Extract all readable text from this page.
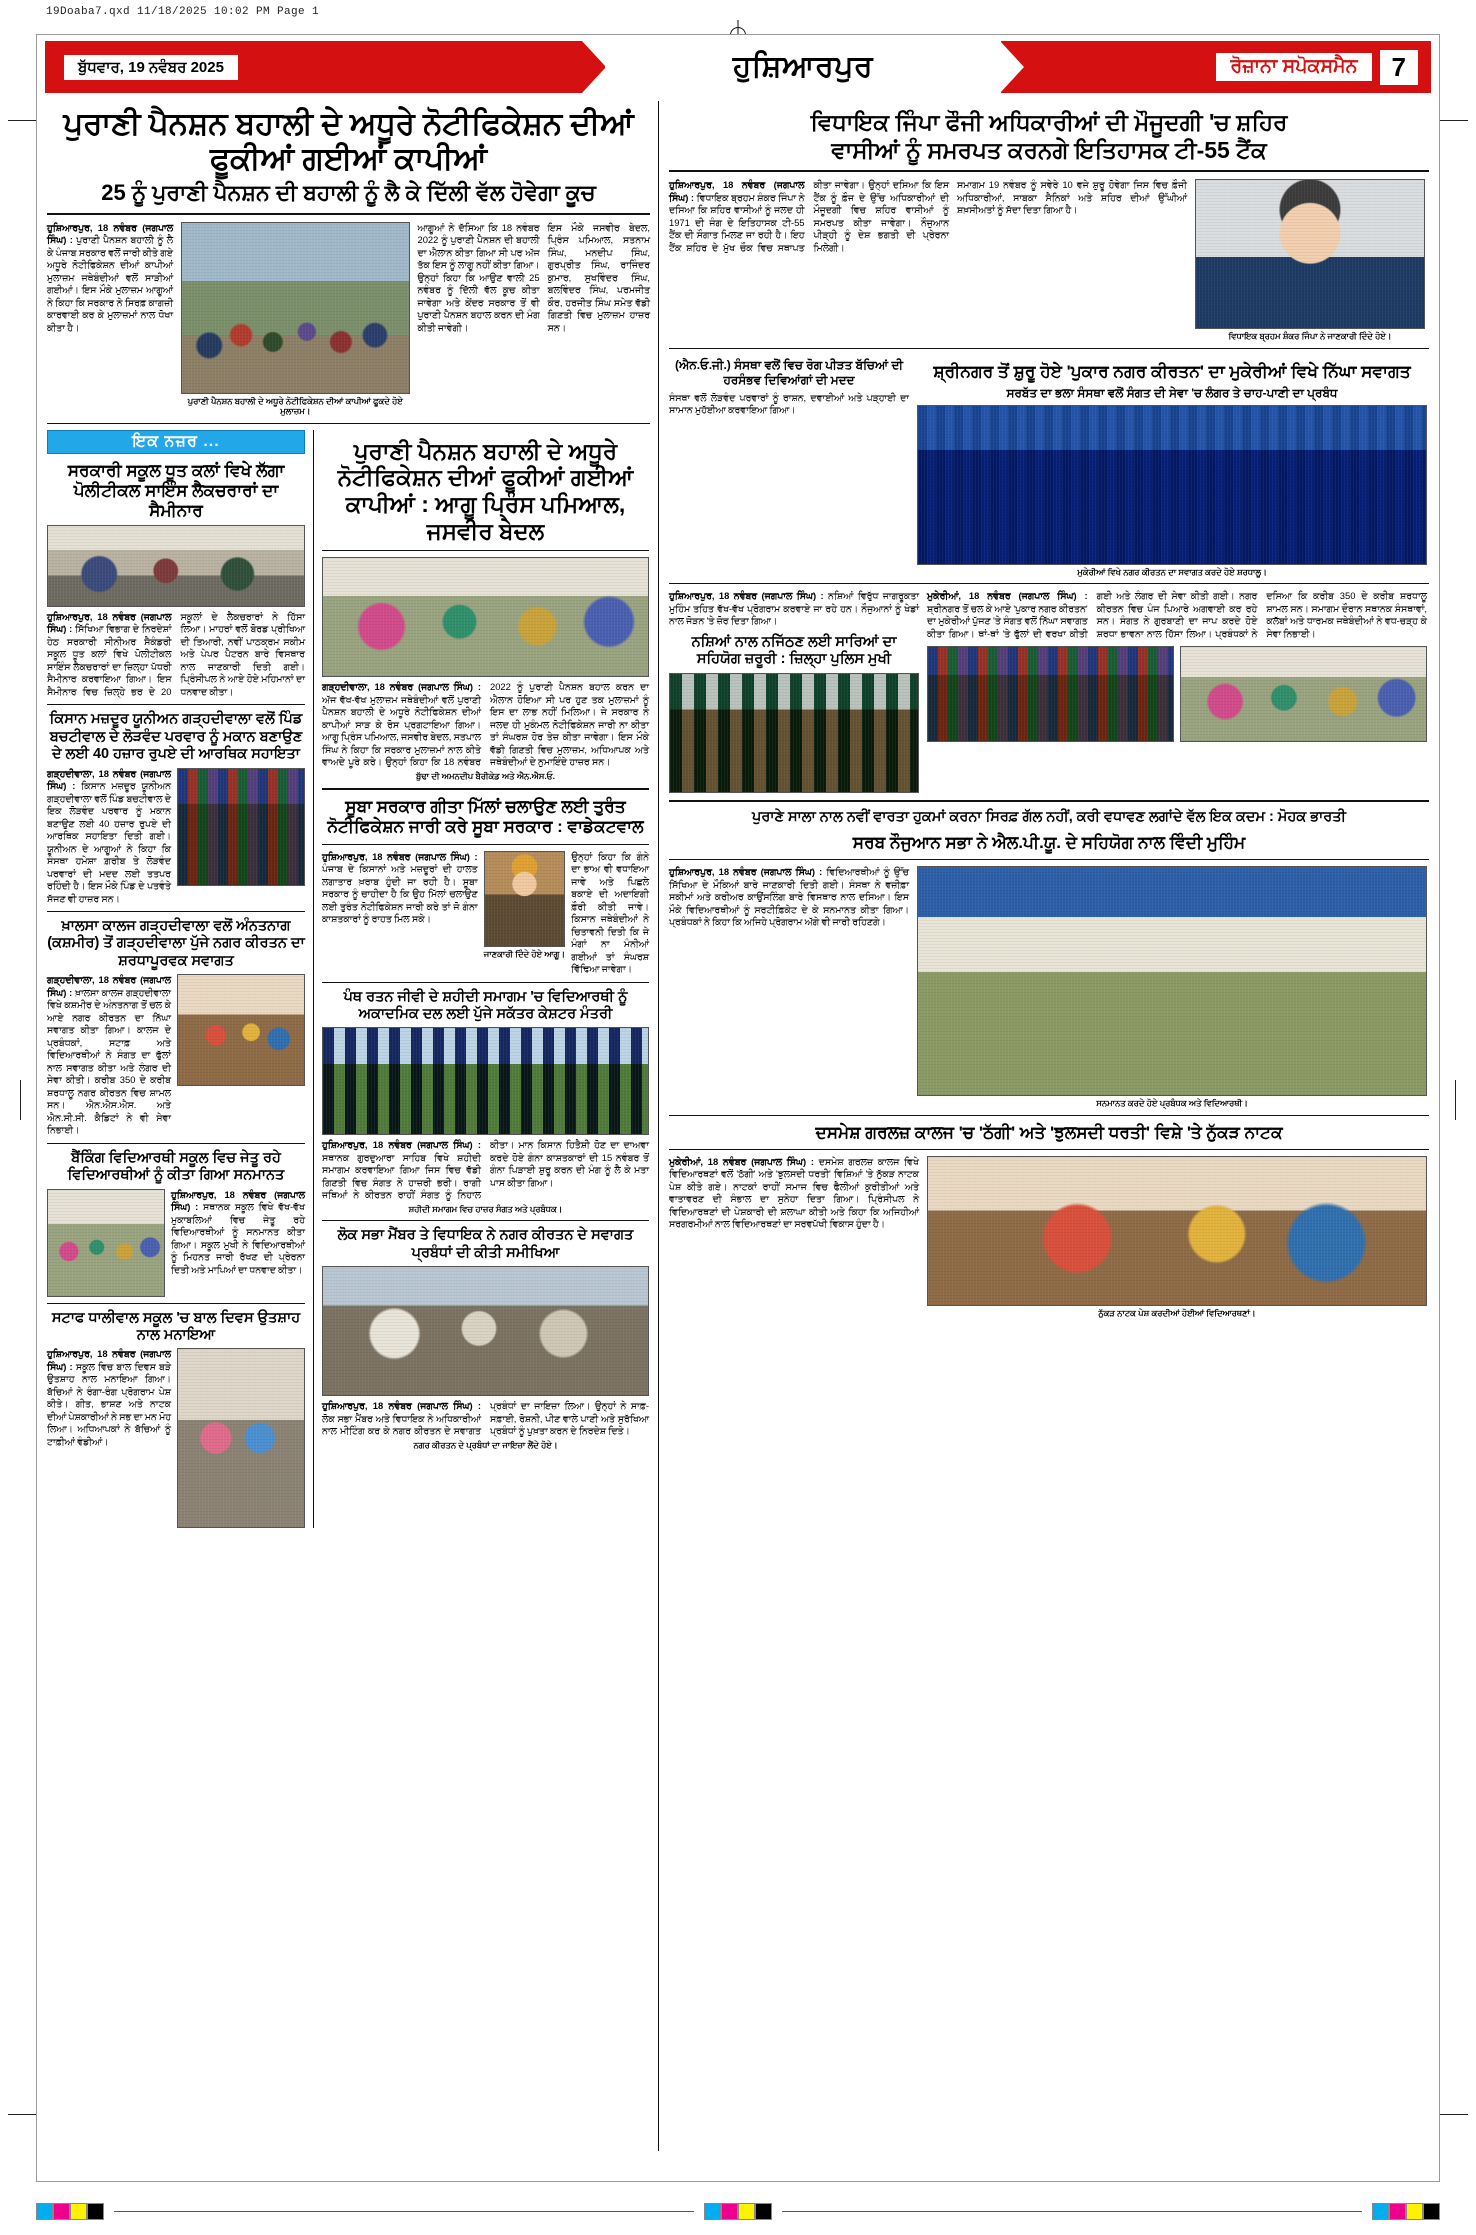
19Doaba7.qxd 11/18/2025 10:02 PM Page 1
ਬੁੱਧਵਾਰ, 19 ਨਵੰਬਰ 2025	ਹੁਸ਼ਿਆਰਪੁਰ	ਰੋਜ਼ਾਨਾ ਸਪੋਕਸਮੈਨ	7
ਪੁਰਾਣੀ ਪੈਨਸ਼ਨ ਬਹਾਲੀ ਦੇ ਅਧੂਰੇ ਨੋਟੀਫਿਕੇਸ਼ਨ ਦੀਆਂ ਫੂਕੀਆਂ ਗਈਆਂ ਕਾਪੀਆਂ
25 ਨੂੰ ਪੁਰਾਣੀ ਪੈਨਸ਼ਨ ਦੀ ਬਹਾਲੀ ਨੂੰ ਲੈ ਕੇ ਦਿੱਲੀ ਵੱਲ ਹੋਵੇਗਾ ਕੂਚ
ਹੁਸ਼ਿਆਰਪੁਰ, 18 ਨਵੰਬਰ (ਜਗਪਾਲ ਸਿੰਘ) : ਪੁਰਾਣੀ ਪੈਨਸ਼ਨ ਬਹਾਲੀ ਨੂੰ ਲੈ ਕੇ ਪੰਜਾਬ ਸਰਕਾਰ ਵਲੋਂ ਜਾਰੀ ਕੀਤੇ ਗਏ ਅਧੂਰੇ ਨੋਟੀਫਿਕੇਸ਼ਨ ਦੀਆਂ ਕਾਪੀਆਂ ਮੁਲਾਜ਼ਮ ਜਥੇਬੰਦੀਆਂ ਵਲੋਂ ਸਾੜੀਆਂ ਗਈਆਂ। ਇਸ ਮੌਕੇ ਮੁਲਾਜ਼ਮ ਆਗੂਆਂ ਨੇ ਕਿਹਾ ਕਿ ਸਰਕਾਰ ਨੇ ਸਿਰਫ਼ ਕਾਗਜ਼ੀ ਕਾਰਵਾਈ ਕਰ ਕੇ ਮੁਲਾਜ਼ਮਾਂ ਨਾਲ ਧੋਖਾ ਕੀਤਾ ਹੈ।
ਪੁਰਾਣੀ ਪੈਨਸ਼ਨ ਬਹਾਲੀ ਦੇ ਅਧੂਰੇ ਨੋਟੀਫਿਕੇਸ਼ਨ ਦੀਆਂ ਕਾਪੀਆਂ ਫੂਕਦੇ ਹੋਏ ਮੁਲਾਜ਼ਮ।
ਆਗੂਆਂ ਨੇ ਦੱਸਿਆ ਕਿ 18 ਨਵੰਬਰ 2022 ਨੂੰ ਪੁਰਾਣੀ ਪੈਨਸ਼ਨ ਦੀ ਬਹਾਲੀ ਦਾ ਐਲਾਨ ਕੀਤਾ ਗਿਆ ਸੀ ਪਰ ਅੱਜ ਤੱਕ ਇਸ ਨੂੰ ਲਾਗੂ ਨਹੀਂ ਕੀਤਾ ਗਿਆ। ਉਨ੍ਹਾਂ ਕਿਹਾ ਕਿ ਆਉਣ ਵਾਲੀ 25 ਨਵੰਬਰ ਨੂੰ ਦਿੱਲੀ ਵੱਲ ਕੂਚ ਕੀਤਾ ਜਾਵੇਗਾ ਅਤੇ ਕੇਂਦਰ ਸਰਕਾਰ ਤੋਂ ਵੀ ਪੁਰਾਣੀ ਪੈਨਸ਼ਨ ਬਹਾਲ ਕਰਨ ਦੀ ਮੰਗ ਕੀਤੀ ਜਾਵੇਗੀ।
ਇਸ ਮੌਕੇ ਜਸਵੀਰ ਬੇਦਲ, ਪ੍ਰਿੰਸ ਪਮਿਆਲ, ਸਤਨਾਮ ਸਿੰਘ, ਮਨਦੀਪ ਸਿੰਘ, ਗੁਰਪ੍ਰੀਤ ਸਿੰਘ, ਰਾਜਿੰਦਰ ਕੁਮਾਰ, ਸੁਖਵਿੰਦਰ ਸਿੰਘ, ਬਲਵਿੰਦਰ ਸਿੰਘ, ਪਰਮਜੀਤ ਕੌਰ, ਹਰਜੀਤ ਸਿੰਘ ਸਮੇਤ ਵੱਡੀ ਗਿਣਤੀ ਵਿਚ ਮੁਲਾਜ਼ਮ ਹਾਜ਼ਰ ਸਨ।
ਇਕ ਨਜ਼ਰ ...
ਸਰਕਾਰੀ ਸਕੂਲ ਧੂਤ ਕਲਾਂ ਵਿਖੇ ਲੱਗਾ ਪੋਲੀਟੀਕਲ ਸਾਇੰਸ ਲੈਕਚਰਾਰਾਂ ਦਾ ਸੈਮੀਨਾਰ
ਹੁਸ਼ਿਆਰਪੁਰ, 18 ਨਵੰਬਰ (ਜਗਪਾਲ ਸਿੰਘ) : ਸਿੱਖਿਆ ਵਿਭਾਗ ਦੇ ਨਿਰਦੇਸ਼ਾਂ ਹੇਠ ਸਰਕਾਰੀ ਸੀਨੀਅਰ ਸੈਕੰਡਰੀ ਸਕੂਲ ਧੂਤ ਕਲਾਂ ਵਿਖੇ ਪੋਲੀਟੀਕਲ ਸਾਇੰਸ ਲੈਕਚਰਾਰਾਂ ਦਾ ਜ਼ਿਲ੍ਹਾ ਪੱਧਰੀ ਸੈਮੀਨਾਰ ਕਰਵਾਇਆ ਗਿਆ। ਇਸ ਸੈਮੀਨਾਰ ਵਿਚ ਜ਼ਿਲ੍ਹੇ ਭਰ ਦੇ 20 ਸਕੂਲਾਂ ਦੇ ਲੈਕਚਰਾਰਾਂ ਨੇ ਹਿੱਸਾ ਲਿਆ। ਮਾਹਰਾਂ ਵਲੋਂ ਬੋਰਡ ਪ੍ਰੀਖਿਆ ਦੀ ਤਿਆਰੀ, ਨਵੀਂ ਪਾਠਕ੍ਰਮ ਸਕੀਮ ਅਤੇ ਪੇਪਰ ਪੈਟਰਨ ਬਾਰੇ ਵਿਸਥਾਰ ਨਾਲ ਜਾਣਕਾਰੀ ਦਿਤੀ ਗਈ। ਪ੍ਰਿੰਸੀਪਲ ਨੇ ਆਏ ਹੋਏ ਮਹਿਮਾਨਾਂ ਦਾ ਧਨਵਾਦ ਕੀਤਾ।
ਕਿਸਾਨ ਮਜ਼ਦੂਰ ਯੂਨੀਅਨ ਗੜ੍ਹਦੀਵਾਲਾ ਵਲੋਂ ਪਿੰਡ ਬਚਟੀਵਾਲ ਦੇ ਲੋੜਵੰਦ ਪਰਵਾਰ ਨੂੰ ਮਕਾਨ ਬਣਾਉਣ ਦੇ ਲਈ 40 ਹਜ਼ਾਰ ਰੁਪਏ ਦੀ ਆਰਥਿਕ ਸਹਾਇਤਾ
ਗੜ੍ਹਦੀਵਾਲਾ, 18 ਨਵੰਬਰ (ਜਗਪਾਲ ਸਿੰਘ) : ਕਿਸਾਨ ਮਜ਼ਦੂਰ ਯੂਨੀਅਨ ਗੜ੍ਹਦੀਵਾਲਾ ਵਲੋਂ ਪਿੰਡ ਬਚਟੀਵਾਲ ਦੇ ਇਕ ਲੋੜਵੰਦ ਪਰਵਾਰ ਨੂੰ ਮਕਾਨ ਬਣਾਉਣ ਲਈ 40 ਹਜ਼ਾਰ ਰੁਪਏ ਦੀ ਆਰਥਿਕ ਸਹਾਇਤਾ ਦਿਤੀ ਗਈ। ਯੂਨੀਅਨ ਦੇ ਆਗੂਆਂ ਨੇ ਕਿਹਾ ਕਿ ਸੰਸਥਾ ਹਮੇਸ਼ਾ ਗ਼ਰੀਬ ਤੇ ਲੋੜਵੰਦ ਪਰਵਾਰਾਂ ਦੀ ਮਦਦ ਲਈ ਤਤਪਰ ਰਹਿੰਦੀ ਹੈ। ਇਸ ਮੌਕੇ ਪਿੰਡ ਦੇ ਪਤਵੰਤੇ ਸੱਜਣ ਵੀ ਹਾਜ਼ਰ ਸਨ।
ਖ਼ਾਲਸਾ ਕਾਲਜ ਗੜ੍ਹਦੀਵਾਲਾ ਵਲੋਂ ਅੰਨਤਨਾਗ (ਕਸ਼ਮੀਰ) ਤੋਂ ਗੜ੍ਹਦੀਵਾਲਾ ਪੁੱਜੇ ਨਗਰ ਕੀਰਤਨ ਦਾ ਸ਼ਰਧਾਪੂਰਵਕ ਸਵਾਗਤ
ਗੜ੍ਹਦੀਵਾਲਾ, 18 ਨਵੰਬਰ (ਜਗਪਾਲ ਸਿੰਘ) : ਖ਼ਾਲਸਾ ਕਾਲਜ ਗੜ੍ਹਦੀਵਾਲਾ ਵਿਖੇ ਕਸ਼ਮੀਰ ਦੇ ਅੰਨਤਨਾਗ ਤੋਂ ਚਲ ਕੇ ਆਏ ਨਗਰ ਕੀਰਤਨ ਦਾ ਨਿੱਘਾ ਸਵਾਗਤ ਕੀਤਾ ਗਿਆ। ਕਾਲਜ ਦੇ ਪ੍ਰਬੰਧਕਾਂ, ਸਟਾਫ਼ ਅਤੇ ਵਿਦਿਆਰਥੀਆਂ ਨੇ ਸੰਗਤ ਦਾ ਫੁੱਲਾਂ ਨਾਲ ਸਵਾਗਤ ਕੀਤਾ ਅਤੇ ਲੰਗਰ ਦੀ ਸੇਵਾ ਕੀਤੀ। ਕਰੀਬ 350 ਦੇ ਕਰੀਬ ਸ਼ਰਧਾਲੂ ਨਗਰ ਕੀਰਤਨ ਵਿਚ ਸ਼ਾਮਲ ਸਨ। ਐਨ.ਐਸ.ਐਸ. ਅਤੇ ਐਨ.ਸੀ.ਸੀ. ਕੈਡਿਟਾਂ ਨੇ ਵੀ ਸੇਵਾ ਨਿਭਾਈ।
ਬੈਂਕਿੰਗ ਵਿਦਿਆਰਥੀ ਸਕੂਲ ਵਿਚ ਜੇਤੂ ਰਹੇ ਵਿਦਿਆਰਥੀਆਂ ਨੂੰ ਕੀਤਾ ਗਿਆ ਸਨਮਾਨਤ
ਹੁਸ਼ਿਆਰਪੁਰ, 18 ਨਵੰਬਰ (ਜਗਪਾਲ ਸਿੰਘ) : ਸਥਾਨਕ ਸਕੂਲ ਵਿਖੇ ਵੱਖ-ਵੱਖ ਮੁਕਾਬਲਿਆਂ ਵਿਚ ਜੇਤੂ ਰਹੇ ਵਿਦਿਆਰਥੀਆਂ ਨੂੰ ਸਨਮਾਨਤ ਕੀਤਾ ਗਿਆ। ਸਕੂਲ ਮੁਖੀ ਨੇ ਵਿਦਿਆਰਥੀਆਂ ਨੂੰ ਮਿਹਨਤ ਜਾਰੀ ਰੱਖਣ ਦੀ ਪ੍ਰੇਰਨਾ ਦਿਤੀ ਅਤੇ ਮਾਪਿਆਂ ਦਾ ਧਨਵਾਦ ਕੀਤਾ।
ਸਟਾਫ ਧਾਲੀਵਾਲ ਸਕੂਲ 'ਚ ਬਾਲ ਦਿਵਸ ਉਤਸ਼ਾਹ ਨਾਲ ਮਨਾਇਆ
ਹੁਸ਼ਿਆਰਪੁਰ, 18 ਨਵੰਬਰ (ਜਗਪਾਲ ਸਿੰਘ) : ਸਕੂਲ ਵਿਚ ਬਾਲ ਦਿਵਸ ਬੜੇ ਉਤਸ਼ਾਹ ਨਾਲ ਮਨਾਇਆ ਗਿਆ। ਬੱਚਿਆਂ ਨੇ ਰੰਗਾ-ਰੰਗ ਪ੍ਰੋਗਰਾਮ ਪੇਸ਼ ਕੀਤੇ। ਗੀਤ, ਭਾਸ਼ਣ ਅਤੇ ਨਾਟਕ ਦੀਆਂ ਪੇਸ਼ਕਾਰੀਆਂ ਨੇ ਸਭ ਦਾ ਮਨ ਮੋਹ ਲਿਆ। ਅਧਿਆਪਕਾਂ ਨੇ ਬੱਚਿਆਂ ਨੂੰ ਟਾਫ਼ੀਆਂ ਵੰਡੀਆਂ।
ਪੁਰਾਣੀ ਪੈਨਸ਼ਨ ਬਹਾਲੀ ਦੇ ਅਧੂਰੇ ਨੋਟੀਫਿਕੇਸ਼ਨ ਦੀਆਂ ਫੂਕੀਆਂ ਗਈਆਂ ਕਾਪੀਆਂ : ਆਗੂ ਪ੍ਰਿੰਸ ਪਮਿਆਲ, ਜਸਵੀਰ ਬੇਦਲ
ਗੜ੍ਹਦੀਵਾਲਾ, 18 ਨਵੰਬਰ (ਜਗਪਾਲ ਸਿੰਘ) : ਅੱਜ ਵੱਖ-ਵੱਖ ਮੁਲਾਜ਼ਮ ਜਥੇਬੰਦੀਆਂ ਵਲੋਂ ਪੁਰਾਣੀ ਪੈਨਸ਼ਨ ਬਹਾਲੀ ਦੇ ਅਧੂਰੇ ਨੋਟੀਫਿਕੇਸ਼ਨ ਦੀਆਂ ਕਾਪੀਆਂ ਸਾੜ ਕੇ ਰੋਸ ਪ੍ਰਗਟਾਇਆ ਗਿਆ। ਆਗੂ ਪ੍ਰਿੰਸ ਪਮਿਆਲ, ਜਸਵੀਰ ਬੇਦਲ, ਸਤਪਾਲ ਸਿੰਘ ਨੇ ਕਿਹਾ ਕਿ ਸਰਕਾਰ ਮੁਲਾਜ਼ਮਾਂ ਨਾਲ ਕੀਤੇ ਵਾਅਦੇ ਪੂਰੇ ਕਰੇ। ਉਨ੍ਹਾਂ ਕਿਹਾ ਕਿ 18 ਨਵੰਬਰ 2022 ਨੂੰ ਪੁਰਾਣੀ ਪੈਨਸ਼ਨ ਬਹਾਲ ਕਰਨ ਦਾ ਐਲਾਨ ਹੋਇਆ ਸੀ ਪਰ ਹੁਣ ਤਕ ਮੁਲਾਜ਼ਮਾਂ ਨੂੰ ਇਸ ਦਾ ਲਾਭ ਨਹੀਂ ਮਿਲਿਆ। ਜੇ ਸਰਕਾਰ ਨੇ ਜਲਦ ਹੀ ਮੁਕੰਮਲ ਨੋਟੀਫਿਕੇਸ਼ਨ ਜਾਰੀ ਨਾ ਕੀਤਾ ਤਾਂ ਸੰਘਰਸ਼ ਹੋਰ ਤੇਜ਼ ਕੀਤਾ ਜਾਵੇਗਾ। ਇਸ ਮੌਕੇ ਵੱਡੀ ਗਿਣਤੀ ਵਿਚ ਮੁਲਾਜ਼ਮ, ਅਧਿਆਪਕ ਅਤੇ ਜਥੇਬੰਦੀਆਂ ਦੇ ਨੁਮਾਇੰਦੇ ਹਾਜ਼ਰ ਸਨ।
ਬੁੱਢਾ ਦੀ ਅਮਨਦੀਪ ਬੈਰੀਕੇਡ ਅਤੇ ਐਨ.ਐਸ.ਓ.
ਸੂਬਾ ਸਰਕਾਰ ਗੀਤਾ ਮਿੱਲਾਂ ਚਲਾਉਣ ਲਈ ਤੁਰੰਤ ਨੋਟੀਫਿਕੇਸ਼ਨ ਜਾਰੀ ਕਰੇ ਸੂਬਾ ਸਰਕਾਰ : ਵਾਡੇਕਟਵਾਲ
ਹੁਸ਼ਿਆਰਪੁਰ, 18 ਨਵੰਬਰ (ਜਗਪਾਲ ਸਿੰਘ) : ਪੰਜਾਬ ਦੇ ਕਿਸਾਨਾਂ ਅਤੇ ਮਜ਼ਦੂਰਾਂ ਦੀ ਹਾਲਤ ਲਗਾਤਾਰ ਖ਼ਰਾਬ ਹੁੰਦੀ ਜਾ ਰਹੀ ਹੈ। ਸੂਬਾ ਸਰਕਾਰ ਨੂੰ ਚਾਹੀਦਾ ਹੈ ਕਿ ਉਹ ਮਿੱਲਾਂ ਚਲਾਉਣ ਲਈ ਤੁਰੰਤ ਨੋਟੀਫਿਕੇਸ਼ਨ ਜਾਰੀ ਕਰੇ ਤਾਂ ਜੋ ਗੰਨਾ ਕਾਸ਼ਤਕਾਰਾਂ ਨੂੰ ਰਾਹਤ ਮਿਲ ਸਕੇ।
ਜਾਣਕਾਰੀ ਦਿੰਦੇ ਹੋਏ ਆਗੂ।
ਉਨ੍ਹਾਂ ਕਿਹਾ ਕਿ ਗੰਨੇ ਦਾ ਭਾਅ ਵੀ ਵਧਾਇਆ ਜਾਵੇ ਅਤੇ ਪਿਛਲੇ ਬਕਾਏ ਦੀ ਅਦਾਇਗੀ ਫ਼ੌਰੀ ਕੀਤੀ ਜਾਵੇ। ਕਿਸਾਨ ਜਥੇਬੰਦੀਆਂ ਨੇ ਚਿਤਾਵਨੀ ਦਿਤੀ ਕਿ ਜੇ ਮੰਗਾਂ ਨਾ ਮੰਨੀਆਂ ਗਈਆਂ ਤਾਂ ਸੰਘਰਸ਼ ਵਿੱਢਿਆ ਜਾਵੇਗਾ।
ਪੰਥ ਰਤਨ ਜੀਵੀ ਦੇ ਸ਼ਹੀਦੀ ਸਮਾਗਮ 'ਚ ਵਿਦਿਆਰਥੀ ਨੂੰ ਅਕਾਦਮਿਕ ਦਲ ਲਈ ਪੁੱਜੇ ਸਕੱਤਰ ਕੇਸ਼ਟਰ ਮੰਤਰੀ
ਹੁਸ਼ਿਆਰਪੁਰ, 18 ਨਵੰਬਰ (ਜਗਪਾਲ ਸਿੰਘ) : ਸਥਾਨਕ ਗੁਰਦੁਆਰਾ ਸਾਹਿਬ ਵਿਖੇ ਸ਼ਹੀਦੀ ਸਮਾਗਮ ਕਰਵਾਇਆ ਗਿਆ ਜਿਸ ਵਿਚ ਵੱਡੀ ਗਿਣਤੀ ਵਿਚ ਸੰਗਤ ਨੇ ਹਾਜ਼ਰੀ ਭਰੀ। ਰਾਗੀ ਜਥਿਆਂ ਨੇ ਕੀਰਤਨ ਰਾਹੀਂ ਸੰਗਤ ਨੂੰ ਨਿਹਾਲ ਕੀਤਾ। ਮਾਨ ਕਿਸਾਨ ਹਿਤੈਸ਼ੀ ਹੋਣ ਦਾ ਦਾਅਵਾ ਕਰਦੇ ਹੋਏ ਗੰਨਾ ਕਾਸ਼ਤਕਾਰਾਂ ਦੀ 15 ਨਵੰਬਰ ਤੋਂ ਗੰਨਾ ਪਿੜਾਈ ਸ਼ੁਰੂ ਕਰਨ ਦੀ ਮੰਗ ਨੂੰ ਲੈ ਕੇ ਮਤਾ ਪਾਸ ਕੀਤਾ ਗਿਆ।
ਸ਼ਹੀਦੀ ਸਮਾਗਮ ਵਿਚ ਹਾਜ਼ਰ ਸੰਗਤ ਅਤੇ ਪ੍ਰਬੰਧਕ।
ਲੋਕ ਸਭਾ ਮੈਂਬਰ ਤੇ ਵਿਧਾਇਕ ਨੇ ਨਗਰ ਕੀਰਤਨ ਦੇ ਸਵਾਗਤ ਪ੍ਰਬੰਧਾਂ ਦੀ ਕੀਤੀ ਸਮੀਖਿਆ
ਹੁਸ਼ਿਆਰਪੁਰ, 18 ਨਵੰਬਰ (ਜਗਪਾਲ ਸਿੰਘ) : ਲੋਕ ਸਭਾ ਮੈਂਬਰ ਅਤੇ ਵਿਧਾਇਕ ਨੇ ਅਧਿਕਾਰੀਆਂ ਨਾਲ ਮੀਟਿੰਗ ਕਰ ਕੇ ਨਗਰ ਕੀਰਤਨ ਦੇ ਸਵਾਗਤ ਪ੍ਰਬੰਧਾਂ ਦਾ ਜਾਇਜ਼ਾ ਲਿਆ। ਉਨ੍ਹਾਂ ਨੇ ਸਾਫ਼-ਸਫ਼ਾਈ, ਰੋਸ਼ਨੀ, ਪੀਣ ਵਾਲੇ ਪਾਣੀ ਅਤੇ ਸੁਰੱਖਿਆ ਪ੍ਰਬੰਧਾਂ ਨੂੰ ਪੁਖ਼ਤਾ ਕਰਨ ਦੇ ਨਿਰਦੇਸ਼ ਦਿਤੇ।
ਨਗਰ ਕੀਰਤਨ ਦੇ ਪ੍ਰਬੰਧਾਂ ਦਾ ਜਾਇਜ਼ਾ ਲੈਂਦੇ ਹੋਏ।
ਵਿਧਾਇਕ ਜਿੰਪਾ ਫੌਜੀ ਅਧਿਕਾਰੀਆਂ ਦੀ ਮੌਜੂਦਗੀ 'ਚ ਸ਼ਹਿਰ
ਵਾਸੀਆਂ ਨੂੰ ਸਮਰਪਤ ਕਰਨਗੇ ਇਤਿਹਾਸਕ ਟੀ-55 ਟੈਂਕ
ਹੁਸ਼ਿਆਰਪੁਰ, 18 ਨਵੰਬਰ (ਜਗਪਾਲ ਸਿੰਘ) : ਵਿਧਾਇਕ ਬ੍ਰਹਮ ਸ਼ੰਕਰ ਜਿੰਪਾ ਨੇ ਦਸਿਆ ਕਿ ਸ਼ਹਿਰ ਵਾਸੀਆਂ ਨੂੰ ਜਲਦ ਹੀ 1971 ਦੀ ਜੰਗ ਦੇ ਇਤਿਹਾਸਕ ਟੀ-55 ਟੈਂਕ ਦੀ ਸੌਗਾਤ ਮਿਲਣ ਜਾ ਰਹੀ ਹੈ। ਇਹ ਟੈਂਕ ਸ਼ਹਿਰ ਦੇ ਮੁੱਖ ਚੌਕ ਵਿਚ ਸਥਾਪਤ ਕੀਤਾ ਜਾਵੇਗਾ। ਉਨ੍ਹਾਂ ਦਸਿਆ ਕਿ ਇਸ ਟੈਂਕ ਨੂੰ ਫ਼ੌਜ ਦੇ ਉੱਚ ਅਧਿਕਾਰੀਆਂ ਦੀ ਮੌਜੂਦਗੀ ਵਿਚ ਸ਼ਹਿਰ ਵਾਸੀਆਂ ਨੂੰ ਸਮਰਪਤ ਕੀਤਾ ਜਾਵੇਗਾ। ਨੌਜੁਆਨ ਪੀੜ੍ਹੀ ਨੂੰ ਦੇਸ਼ ਭਗਤੀ ਦੀ ਪ੍ਰੇਰਨਾ ਮਿਲੇਗੀ।
ਸਮਾਗਮ 19 ਨਵੰਬਰ ਨੂੰ ਸਵੇਰੇ 10 ਵਜੇ ਸ਼ੁਰੂ ਹੋਵੇਗਾ ਜਿਸ ਵਿਚ ਫ਼ੌਜੀ ਅਧਿਕਾਰੀਆਂ, ਸਾਬਕਾ ਸੈਨਿਕਾਂ ਅਤੇ ਸ਼ਹਿਰ ਦੀਆਂ ਉੱਘੀਆਂ ਸ਼ਖ਼ਸੀਅਤਾਂ ਨੂੰ ਸੱਦਾ ਦਿਤਾ ਗਿਆ ਹੈ।
ਵਿਧਾਇਕ ਬ੍ਰਹਮ ਸ਼ੰਕਰ ਜਿੰਪਾ ਨੇ ਜਾਣਕਾਰੀ ਦਿੰਦੇ ਹੋਏ।
(ਐਨ.ਓ.ਜੀ.) ਸੰਸਥਾ ਵਲੋਂ ਵਿਚ ਰੋਗ ਪੀੜਤ ਬੱਚਿਆਂ ਦੀ ਹਰਸੰਭਵ ਦਿਵਿਆਂਗਾਂ ਦੀ ਮਦਦ
ਸੰਸਥਾ ਵਲੋਂ ਲੋੜਵੰਦ ਪਰਵਾਰਾਂ ਨੂੰ ਰਾਸ਼ਨ, ਦਵਾਈਆਂ ਅਤੇ ਪੜ੍ਹਾਈ ਦਾ ਸਾਮਾਨ ਮੁਹੱਈਆ ਕਰਵਾਇਆ ਗਿਆ।
ਸ਼੍ਰੀਨਗਰ ਤੋਂ ਸ਼ੁਰੂ ਹੋਏ 'ਪੁਕਾਰ ਨਗਰ ਕੀਰਤਨ' ਦਾ ਮੁਕੇਰੀਆਂ ਵਿਖੇ ਨਿੱਘਾ ਸਵਾਗਤ
ਸਰਬੱਤ ਦਾ ਭਲਾ ਸੰਸਥਾ ਵਲੋਂ ਸੰਗਤ ਦੀ ਸੇਵਾ 'ਚ ਲੰਗਰ ਤੇ ਚਾਹ-ਪਾਣੀ ਦਾ ਪ੍ਰਬੰਧ
ਮੁਕੇਰੀਆਂ ਵਿਖੇ ਨਗਰ ਕੀਰਤਨ ਦਾ ਸਵਾਗਤ ਕਰਦੇ ਹੋਏ ਸ਼ਰਧਾਲੂ।
ਹੁਸ਼ਿਆਰਪੁਰ, 18 ਨਵੰਬਰ (ਜਗਪਾਲ ਸਿੰਘ) : ਨਸ਼ਿਆਂ ਵਿਰੁੱਧ ਜਾਗਰੂਕਤਾ ਮੁਹਿੰਮ ਤਹਿਤ ਵੱਖ-ਵੱਖ ਪ੍ਰੋਗਰਾਮ ਕਰਵਾਏ ਜਾ ਰਹੇ ਹਨ। ਨੌਜੁਆਨਾਂ ਨੂੰ ਖੇਡਾਂ ਨਾਲ ਜੋੜਨ 'ਤੇ ਜ਼ੋਰ ਦਿਤਾ ਗਿਆ।
ਨਸ਼ਿਆਂ ਨਾਲ ਨਜਿੱਠਣ ਲਈ ਸਾਰਿਆਂ ਦਾ ਸਹਿਯੋਗ ਜ਼ਰੂਰੀ : ਜ਼ਿਲ੍ਹਾ ਪੁਲਿਸ ਮੁਖੀ
ਮੁਕੇਰੀਆਂ, 18 ਨਵੰਬਰ (ਜਗਪਾਲ ਸਿੰਘ) : ਸ਼੍ਰੀਨਗਰ ਤੋਂ ਚਲ ਕੇ ਆਏ 'ਪੁਕਾਰ ਨਗਰ ਕੀਰਤਨ' ਦਾ ਮੁਕੇਰੀਆਂ ਪੁੱਜਣ 'ਤੇ ਸੰਗਤ ਵਲੋਂ ਨਿੱਘਾ ਸਵਾਗਤ ਕੀਤਾ ਗਿਆ। ਥਾਂ-ਥਾਂ 'ਤੇ ਫੁੱਲਾਂ ਦੀ ਵਰਖਾ ਕੀਤੀ ਗਈ ਅਤੇ ਲੰਗਰ ਦੀ ਸੇਵਾ ਕੀਤੀ ਗਈ। ਨਗਰ ਕੀਰਤਨ ਵਿਚ ਪੰਜ ਪਿਆਰੇ ਅਗਵਾਈ ਕਰ ਰਹੇ ਸਨ। ਸੰਗਤ ਨੇ ਗੁਰਬਾਣੀ ਦਾ ਜਾਪ ਕਰਦੇ ਹੋਏ ਸ਼ਰਧਾ ਭਾਵਨਾ ਨਾਲ ਹਿੱਸਾ ਲਿਆ। ਪ੍ਰਬੰਧਕਾਂ ਨੇ ਦਸਿਆ ਕਿ ਕਰੀਬ 350 ਦੇ ਕਰੀਬ ਸ਼ਰਧਾਲੂ ਸ਼ਾਮਲ ਸਨ। ਸਮਾਗਮ ਦੌਰਾਨ ਸਥਾਨਕ ਸੰਸਥਾਵਾਂ, ਕਲੱਬਾਂ ਅਤੇ ਧਾਰਮਕ ਜਥੇਬੰਦੀਆਂ ਨੇ ਵਧ-ਚੜ੍ਹ ਕੇ ਸੇਵਾ ਨਿਭਾਈ।
ਪੁਰਾਣੇ ਸਾਲਾ ਨਾਲ ਨਵੀਂ ਵਾਰਤਾ ਹੁਕਮਾਂ ਕਰਨਾ ਸਿਰਫ਼ ਗੱਲ ਨਹੀਂ, ਕਰੀ ਵਧਾਵਣ ਲਗਾਂਦੇ ਵੱਲ ਇਕ ਕਦਮ : ਮੋਹਕ ਭਾਰਤੀ
ਸਰਬ ਨੌਜੁਆਨ ਸਭਾ ਨੇ ਐਲ.ਪੀ.ਯੂ. ਦੇ ਸਹਿਯੋਗ ਨਾਲ ਵਿੰਦੀ ਮੁਹਿੰਮ
ਹੁਸ਼ਿਆਰਪੁਰ, 18 ਨਵੰਬਰ (ਜਗਪਾਲ ਸਿੰਘ) : ਵਿਦਿਆਰਥੀਆਂ ਨੂੰ ਉੱਚ ਸਿੱਖਿਆ ਦੇ ਮੌਕਿਆਂ ਬਾਰੇ ਜਾਣਕਾਰੀ ਦਿਤੀ ਗਈ। ਸੰਸਥਾ ਨੇ ਵਜ਼ੀਫ਼ਾ ਸਕੀਮਾਂ ਅਤੇ ਕਰੀਅਰ ਕਾਉਂਸਲਿੰਗ ਬਾਰੇ ਵਿਸਥਾਰ ਨਾਲ ਦਸਿਆ। ਇਸ ਮੌਕੇ ਵਿਦਿਆਰਥੀਆਂ ਨੂੰ ਸਰਟੀਫ਼ਿਕੇਟ ਦੇ ਕੇ ਸਨਮਾਨਤ ਕੀਤਾ ਗਿਆ। ਪ੍ਰਬੰਧਕਾਂ ਨੇ ਕਿਹਾ ਕਿ ਅਜਿਹੇ ਪ੍ਰੋਗਰਾਮ ਅੱਗੇ ਵੀ ਜਾਰੀ ਰਹਿਣਗੇ।
ਸਨਮਾਨਤ ਕਰਦੇ ਹੋਏ ਪ੍ਰਬੰਧਕ ਅਤੇ ਵਿਦਿਆਰਥੀ।
ਦਸਮੇਸ਼ ਗਰਲਜ਼ ਕਾਲਜ 'ਚ 'ਠੱਗੀ' ਅਤੇ 'ਝੁਲਸਦੀ ਧਰਤੀ' ਵਿਸ਼ੇ 'ਤੇ ਨੁੱਕੜ ਨਾਟਕ
ਮੁਕੇਰੀਆਂ, 18 ਨਵੰਬਰ (ਜਗਪਾਲ ਸਿੰਘ) : ਦਸਮੇਸ਼ ਗਰਲਜ਼ ਕਾਲਜ ਵਿਖੇ ਵਿਦਿਆਰਥਣਾਂ ਵਲੋਂ 'ਠੱਗੀ' ਅਤੇ 'ਝੁਲਸਦੀ ਧਰਤੀ' ਵਿਸ਼ਿਆਂ 'ਤੇ ਨੁੱਕੜ ਨਾਟਕ ਪੇਸ਼ ਕੀਤੇ ਗਏ। ਨਾਟਕਾਂ ਰਾਹੀਂ ਸਮਾਜ ਵਿਚ ਫੈਲੀਆਂ ਕੁਰੀਤੀਆਂ ਅਤੇ ਵਾਤਾਵਰਣ ਦੀ ਸੰਭਾਲ ਦਾ ਸੁਨੇਹਾ ਦਿਤਾ ਗਿਆ। ਪ੍ਰਿੰਸੀਪਲ ਨੇ ਵਿਦਿਆਰਥਣਾਂ ਦੀ ਪੇਸ਼ਕਾਰੀ ਦੀ ਸ਼ਲਾਘਾ ਕੀਤੀ ਅਤੇ ਕਿਹਾ ਕਿ ਅਜਿਹੀਆਂ ਸਰਗਰਮੀਆਂ ਨਾਲ ਵਿਦਿਆਰਥਣਾਂ ਦਾ ਸਰਵਪੱਖੀ ਵਿਕਾਸ ਹੁੰਦਾ ਹੈ।
ਨੁੱਕੜ ਨਾਟਕ ਪੇਸ਼ ਕਰਦੀਆਂ ਹੋਈਆਂ ਵਿਦਿਆਰਥਣਾਂ।
